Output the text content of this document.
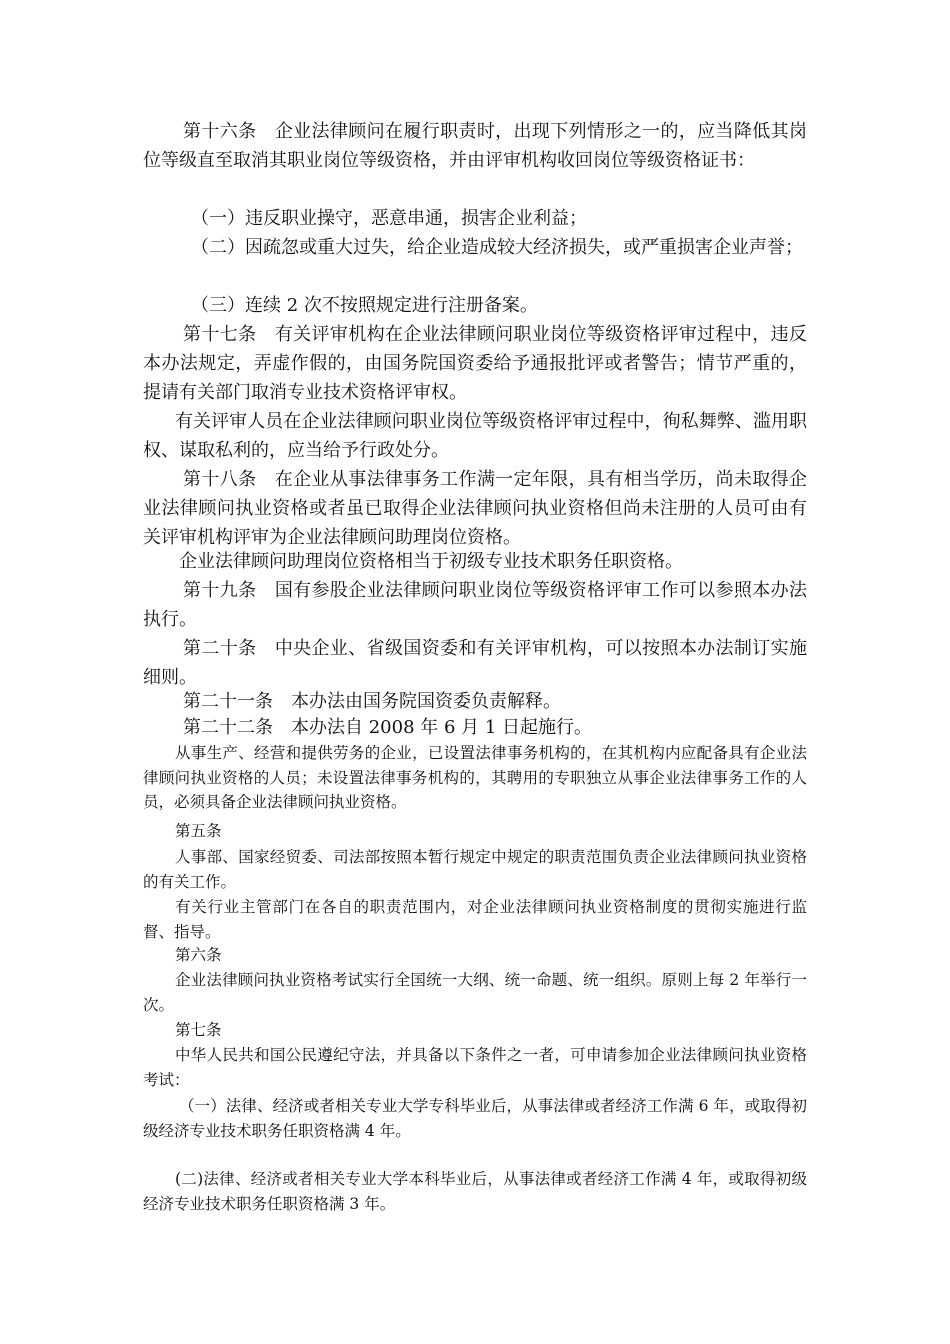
第十六条　企业法律顾问在履行职责时，出现下列情形之一的，应当降低其岗位等级直至取消其职业岗位等级资格，并由评审机构收回岗位等级资格证书：

（一）违反职业操守，恶意串通，损害企业利益；

（二）因疏忽或重大过失，给企业造成较大经济损失，或严重损害企业声誉；

（三）连续 2 次不按照规定进行注册备案。

第十七条　有关评审机构在企业法律顾问职业岗位等级资格评审过程中，违反本办法规定，弄虚作假的，由国务院国资委给予通报批评或者警告；情节严重的，提请有关部门取消专业技术资格评审权。

有关评审人员在企业法律顾问职业岗位等级资格评审过程中，徇私舞弊、滥用职权、谋取私利的，应当给予行政处分。

第十八条　在企业从事法律事务工作满一定年限，具有相当学历，尚未取得企业法律顾问执业资格或者虽已取得企业法律顾问执业资格但尚未注册的人员可由有关评审机构评审为企业法律顾问助理岗位资格。

企业法律顾问助理岗位资格相当于初级专业技术职务任职资格。

第十九条　国有参股企业法律顾问职业岗位等级资格评审工作可以参照本办法执行。

第二十条　中央企业、省级国资委和有关评审机构，可以按照本办法制订实施细则。

第二十一条　本办法由国务院国资委负责解释。

第二十二条　本办法自 2008 年 6 月 1 日起施行。

从事生产、经营和提供劳务的企业，已设置法律事务机构的，在其机构内应配备具有企业法律顾问执业资格的人员；未设置法律事务机构的，其聘用的专职独立从事企业法律事务工作的人员，必须具备企业法律顾问执业资格。

第五条

人事部、国家经贸委、司法部按照本暂行规定中规定的职责范围负责企业法律顾问执业资格的有关工作。

有关行业主管部门在各自的职责范围内，对企业法律顾问执业资格制度的贯彻实施进行监督、指导。

第六条

企业法律顾问执业资格考试实行全国统一大纲、统一命题、统一组织。原则上每 2 年举行一次。

第七条

中华人民共和国公民遵纪守法，并具备以下条件之一者，可申请参加企业法律顾问执业资格考试：

（一）法律、经济或者相关专业大学专科毕业后，从事法律或者经济工作满 6 年，或取得初级经济专业技术职务任职资格满 4 年。

(二)法律、经济或者相关专业大学本科毕业后，从事法律或者经济工作满 4 年，或取得初级经济专业技术职务任职资格满 3 年。
